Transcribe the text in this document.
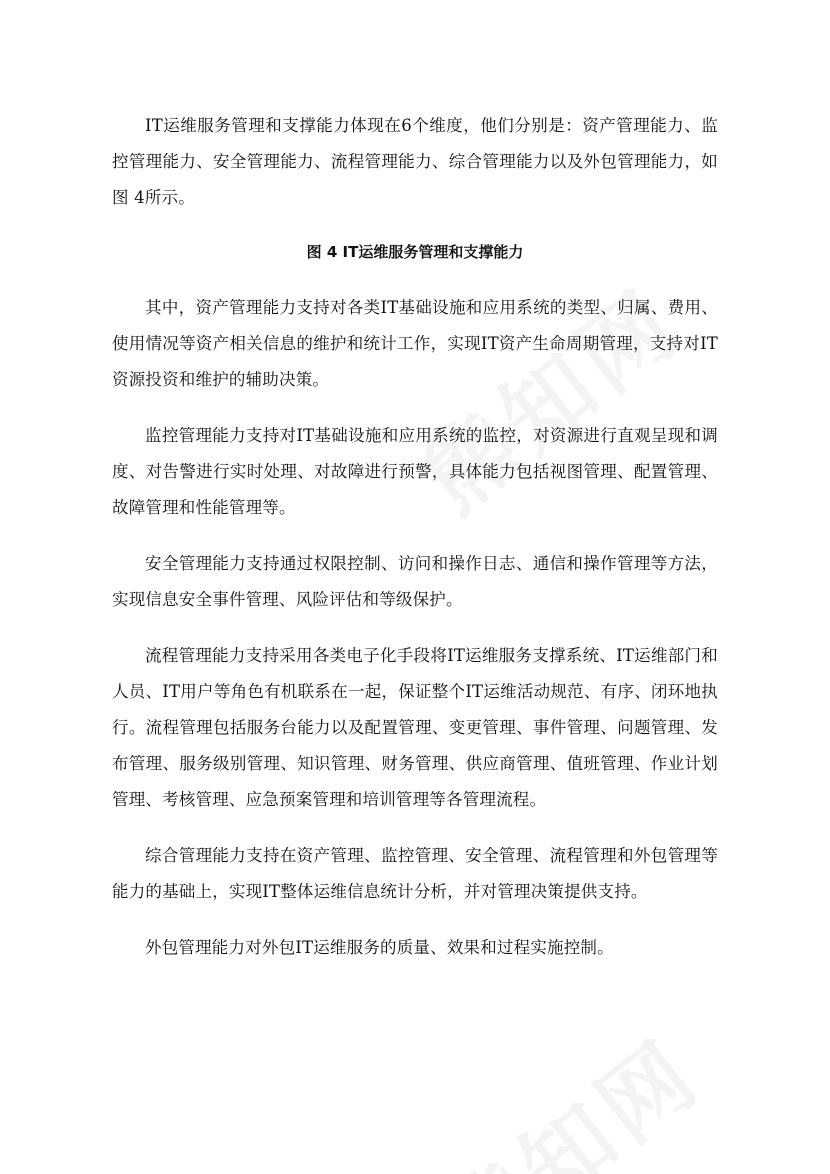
IT运维服务管理和支撑能力体现在6个维度，他们分别是：资产管理能力、监控管理能力、安全管理能力、流程管理能力、综合管理能力以及外包管理能力，如图 4所示。

图 4 IT运维服务管理和支撑能力

其中，资产管理能力支持对各类IT基础设施和应用系统的类型、归属、费用、使用情况等资产相关信息的维护和统计工作，实现IT资产生命周期管理，支持对IT资源投资和维护的辅助决策。

监控管理能力支持对IT基础设施和应用系统的监控，对资源进行直观呈现和调度、对告警进行实时处理、对故障进行预警，具体能力包括视图管理、配置管理、故障管理和性能管理等。

安全管理能力支持通过权限控制、访问和操作日志、通信和操作管理等方法，实现信息安全事件管理、风险评估和等级保护。

流程管理能力支持采用各类电子化手段将IT运维服务支撑系统、IT运维部门和人员、IT用户等角色有机联系在一起，保证整个IT运维活动规范、有序、闭环地执行。流程管理包括服务台能力以及配置管理、变更管理、事件管理、问题管理、发布管理、服务级别管理、知识管理、财务管理、供应商管理、值班管理、作业计划管理、考核管理、应急预案管理和培训管理等各管理流程。

综合管理能力支持在资产管理、监控管理、安全管理、流程管理和外包管理等能力的基础上，实现IT整体运维信息统计分析，并对管理决策提供支持。

外包管理能力对外包IT运维服务的质量、效果和过程实施控制。
